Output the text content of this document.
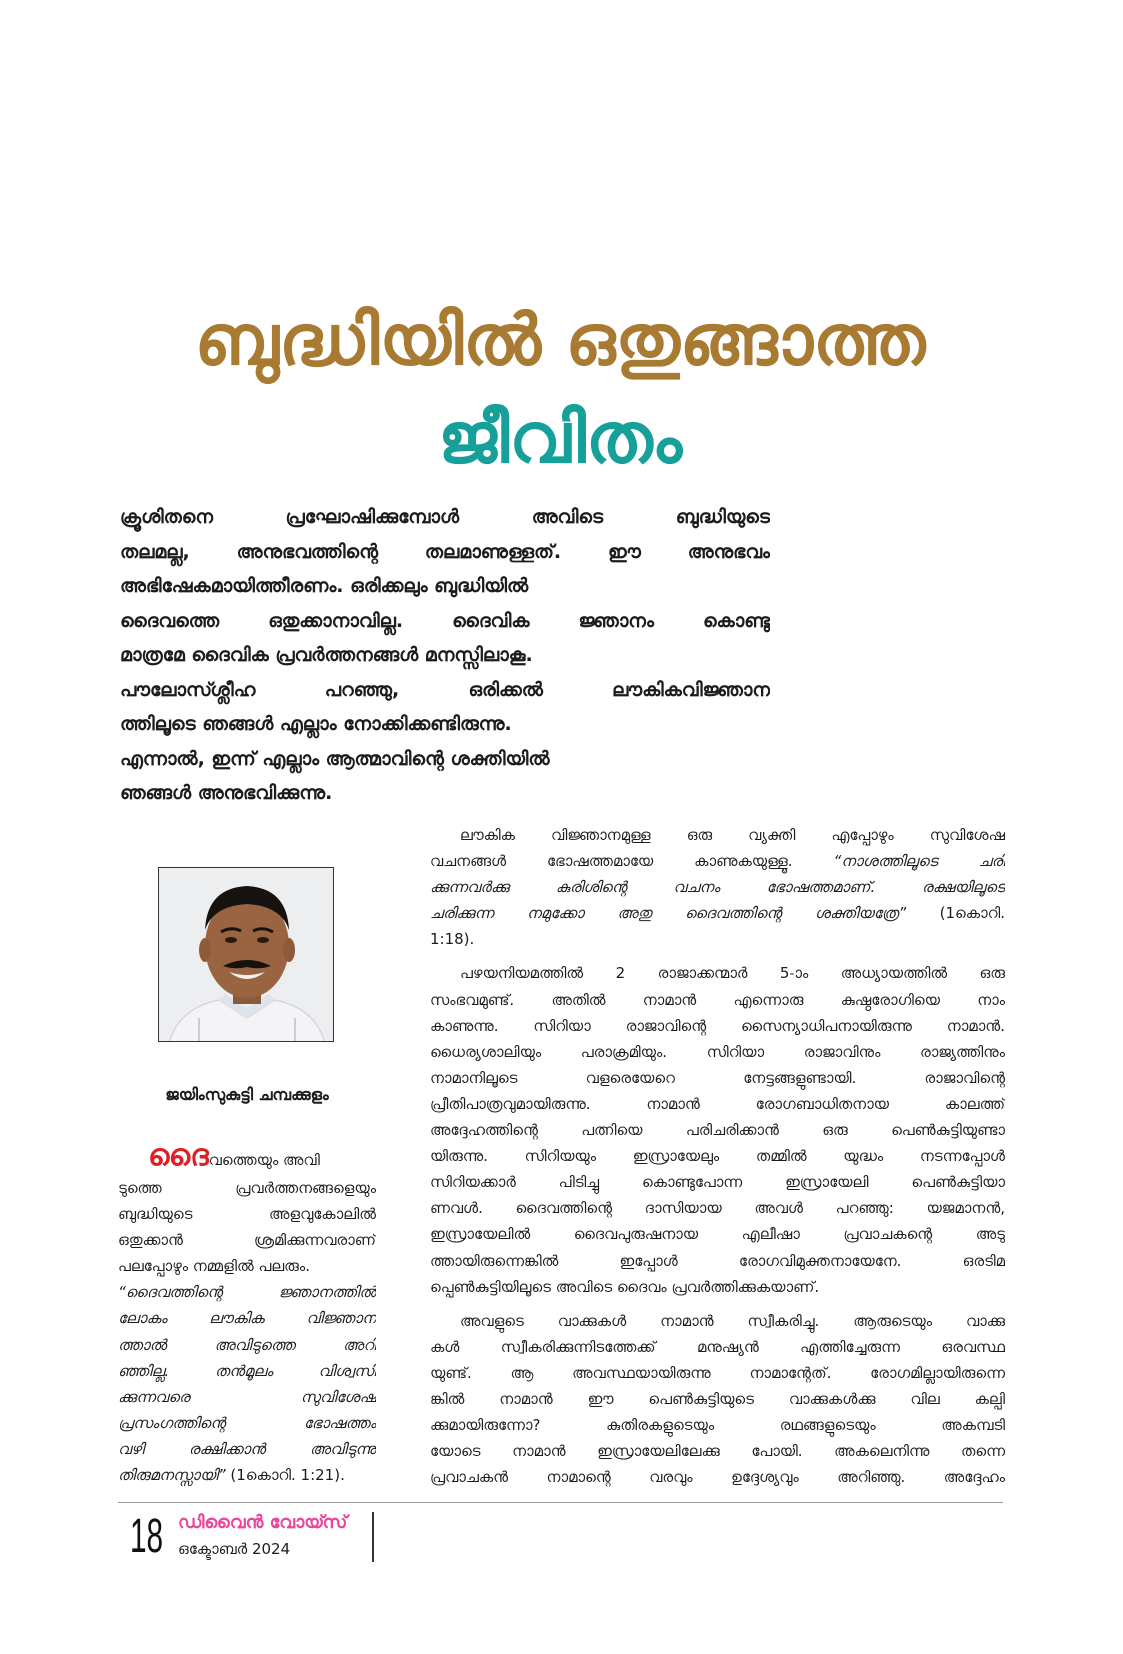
ബുദ്ധിയിൽ ഒതുങ്ങാത്ത
ജീവിതം
ക്രൂശിതനെ പ്രഘോഷിക്കുമ്പോൾ അവിടെ ബുദ്ധിയുടെ
തലമല്ല, അനുഭവത്തിന്റെ തലമാണുള്ളത്. ഈ അനുഭവം
അഭിഷേകമായിത്തീരണം. ഒരിക്കലും ബുദ്ധിയിൽ
ദൈവത്തെ ഒതുക്കാനാവില്ല. ദൈവിക ജ്ഞാനം കൊണ്ടു
മാത്രമേ ദൈവിക പ്രവർത്തനങ്ങൾ മനസ്സിലാകൂ.
പൗലോസ്ശ്ലീഹ പറഞ്ഞു, ഒരിക്കൽ ലൗകികവിജ്ഞാന
ത്തിലൂടെ ഞങ്ങൾ എല്ലാം നോക്കിക്കണ്ടിരുന്നു.
എന്നാൽ, ഇന്ന് എല്ലാം ആത്മാവിന്റെ ശക്തിയിൽ
ഞങ്ങൾ അനുഭവിക്കുന്നു.
ജയിംസുകുട്ടി ചമ്പക്കുളം
ദൈവത്തെയും അവി
ടുത്തെ പ്രവർത്തനങ്ങളെയും
ബുദ്ധിയുടെ അളവുകോലിൽ
ഒതുക്കാൻ ശ്രമിക്കുന്നവരാണ്
പലപ്പോഴും നമ്മളിൽ പലരും.
“ദൈവത്തിന്റെ ജ്ഞാനത്തിൽ
ലോകം ലൗകിക വിജ്ഞാന
ത്താൽ അവിടുത്തെ അറി
ഞ്ഞില്ല. തൻമൂലം വിശ്വസി
ക്കുന്നവരെ സുവിശേഷ
പ്രസംഗത്തിന്റെ ഭോഷത്തം
വഴി രക്ഷിക്കാൻ അവിടുന്നു
തിരുമനസ്സായി” (1കൊറി. 1:21).
ലൗകിക വിജ്ഞാനമുള്ള ഒരു വ്യക്തി എപ്പോഴും സുവിശേഷ
വചനങ്ങൾ ഭോഷത്തമായേ കാണുകയുള്ളൂ. “നാശത്തിലൂടെ ചരി
ക്കുന്നവർക്കു കുരിശിന്റെ വചനം ഭോഷത്തമാണ്. രക്ഷയിലൂടെ
ചരിക്കുന്ന നമുക്കോ അതു ദൈവത്തിന്റെ ശക്തിയത്രേ” (1കൊറി.
1:18).
പഴയനിയമത്തിൽ 2 രാജാക്കന്മാർ 5-ാം അധ്യായത്തിൽ ഒരു
സംഭവമുണ്ട്. അതിൽ നാമാൻ എന്നൊരു കുഷ്ഠരോഗിയെ നാം
കാണുന്നു. സിറിയാ രാജാവിന്റെ സൈന്യാധിപനായിരുന്നു നാമാൻ.
ധൈര്യശാലിയും പരാക്രമിയും. സിറിയാ രാജാവിനും രാജ്യത്തിനും
നാമാനിലൂടെ വളരെയേറെ നേട്ടങ്ങളുണ്ടായി. രാജാവിന്റെ
പ്രീതിപാത്രവുമായിരുന്നു. നാമാൻ രോഗബാധിതനായ കാലത്ത്
അദ്ദേഹത്തിന്റെ പത്നിയെ പരിചരിക്കാൻ ഒരു പെൺകുട്ടിയുണ്ടാ
യിരുന്നു. സിറിയയും ഇസ്രായേലും തമ്മിൽ യുദ്ധം നടന്നപ്പോൾ
സിറിയക്കാർ പിടിച്ചു കൊണ്ടുപോന്ന ഇസ്രായേലി പെൺകുട്ടിയാ
ണവൾ. ദൈവത്തിന്റെ ദാസിയായ അവൾ പറഞ്ഞു: യജമാനൻ,
ഇസ്രായേലിൽ ദൈവപുരുഷനായ എലീഷാ പ്രവാചകന്റെ അടു
ത്തായിരുന്നെങ്കിൽ ഇപ്പോൾ രോഗവിമുക്തനായേനേ. ഒരടിമ
പ്പെൺകുട്ടിയിലൂടെ അവിടെ ദൈവം പ്രവർത്തിക്കുകയാണ്.
അവളുടെ വാക്കുകൾ നാമാൻ സ്വീകരിച്ചു. ആരുടെയും വാക്കു
കൾ സ്വീകരിക്കുന്നിടത്തേക്ക് മനുഷ്യൻ എത്തിച്ചേരുന്ന ഒരവസ്ഥ
യുണ്ട്. ആ അവസ്ഥയായിരുന്നു നാമാന്റേത്. രോഗമില്ലായിരുന്നെ
ങ്കിൽ നാമാൻ ഈ പെൺകുട്ടിയുടെ വാക്കുകൾക്കു വില കല്പി
ക്കുമായിരുന്നോ? കുതിരകളുടെയും രഥങ്ങളുടെയും അകമ്പടി
യോടെ നാമാൻ ഇസ്രായേലിലേക്കു പോയി. അകലെനിന്നു തന്നെ
പ്രവാചകൻ നാമാന്റെ വരവും ഉദ്ദേശ്യവും അറിഞ്ഞു. അദ്ദേഹം
18 ഡിവൈൻ വോയ്സ്
ഒക്ടോബർ 2024
